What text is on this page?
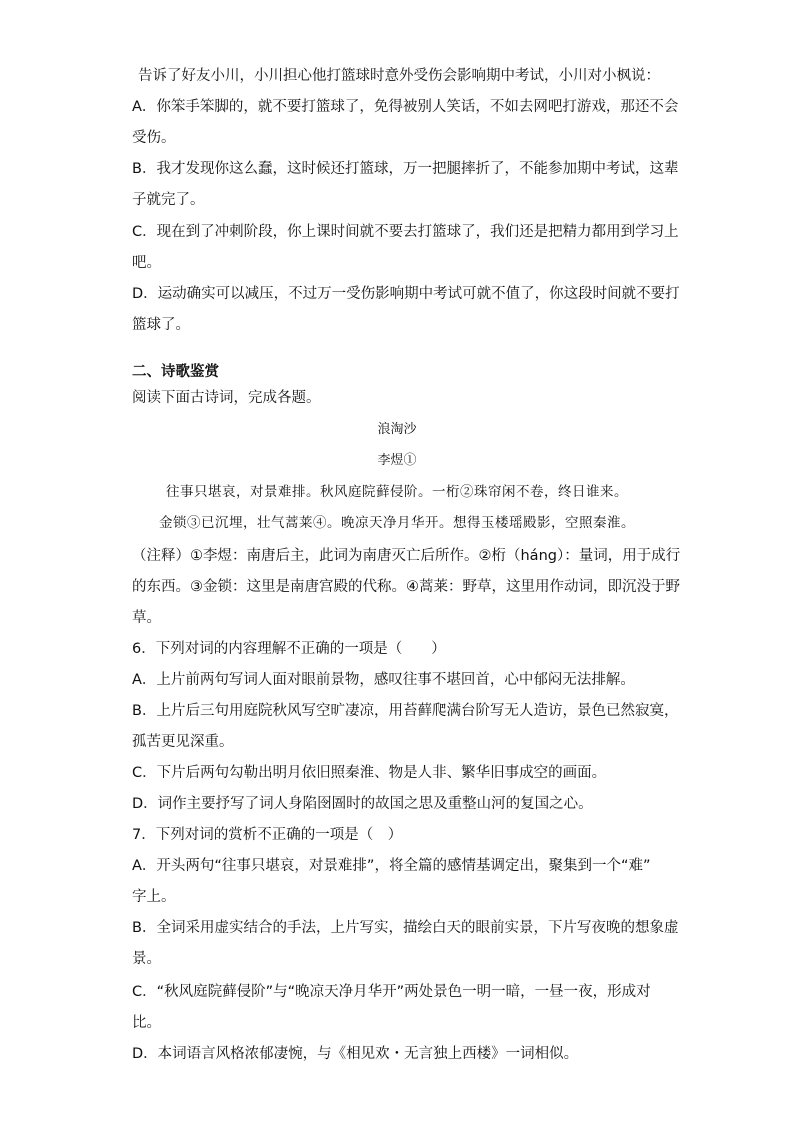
告诉了好友小川，小川担心他打篮球时意外受伤会影响期中考试，小川对小枫说：
A．你笨手笨脚的，就不要打篮球了，免得被别人笑话，不如去网吧打游戏，那还不会
受伤。
B．我才发现你这么蠢，这时候还打篮球，万一把腿摔折了，不能参加期中考试，这辈
子就完了。
C．现在到了冲刺阶段，你上课时间就不要去打篮球了，我们还是把精力都用到学习上
吧。
D．运动确实可以减压，不过万一受伤影响期中考试可就不值了，你这段时间就不要打
篮球了。
二、诗歌鉴赏
阅读下面古诗词，完成各题。
浪淘沙
李煜①
往事只堪哀，对景难排。秋风庭院藓侵阶。一桁②珠帘闲不卷，终日谁来。
金锁③已沉埋，壮气蒿莱④。晚凉天净月华开。想得玉楼瑶殿影，空照秦淮。
（注释）①李煜：南唐后主，此词为南唐灭亡后所作。②桁（háng）：量词，用于成行
的东西。③金锁：这里是南唐宫殿的代称。④蒿莱：野草，这里用作动词，即沉没于野
草。
6．下列对词的内容理解不正确的一项是（　　）
A．上片前两句写词人面对眼前景物，感叹往事不堪回首，心中郁闷无法排解。
B．上片后三句用庭院秋风写空旷凄凉，用苔藓爬满台阶写无人造访，景色已然寂寞，
孤苦更见深重。
C．下片后两句勾勒出明月依旧照秦淮、物是人非、繁华旧事成空的画面。
D．词作主要抒写了词人身陷囹圄时的故国之思及重整山河的复国之心。
7．下列对词的赏析不正确的一项是（　）
A．开头两句“往事只堪哀，对景难排”，将全篇的感情基调定出，聚集到一个“难”
字上。
B．全词采用虚实结合的手法，上片写实，描绘白天的眼前实景，下片写夜晚的想象虚
景。
C．“秋风庭院藓侵阶”与“晚凉天净月华开”两处景色一明一暗，一昼一夜，形成对
比。
D．本词语言风格浓郁凄惋，与《相见欢・无言独上西楼》一词相似。
